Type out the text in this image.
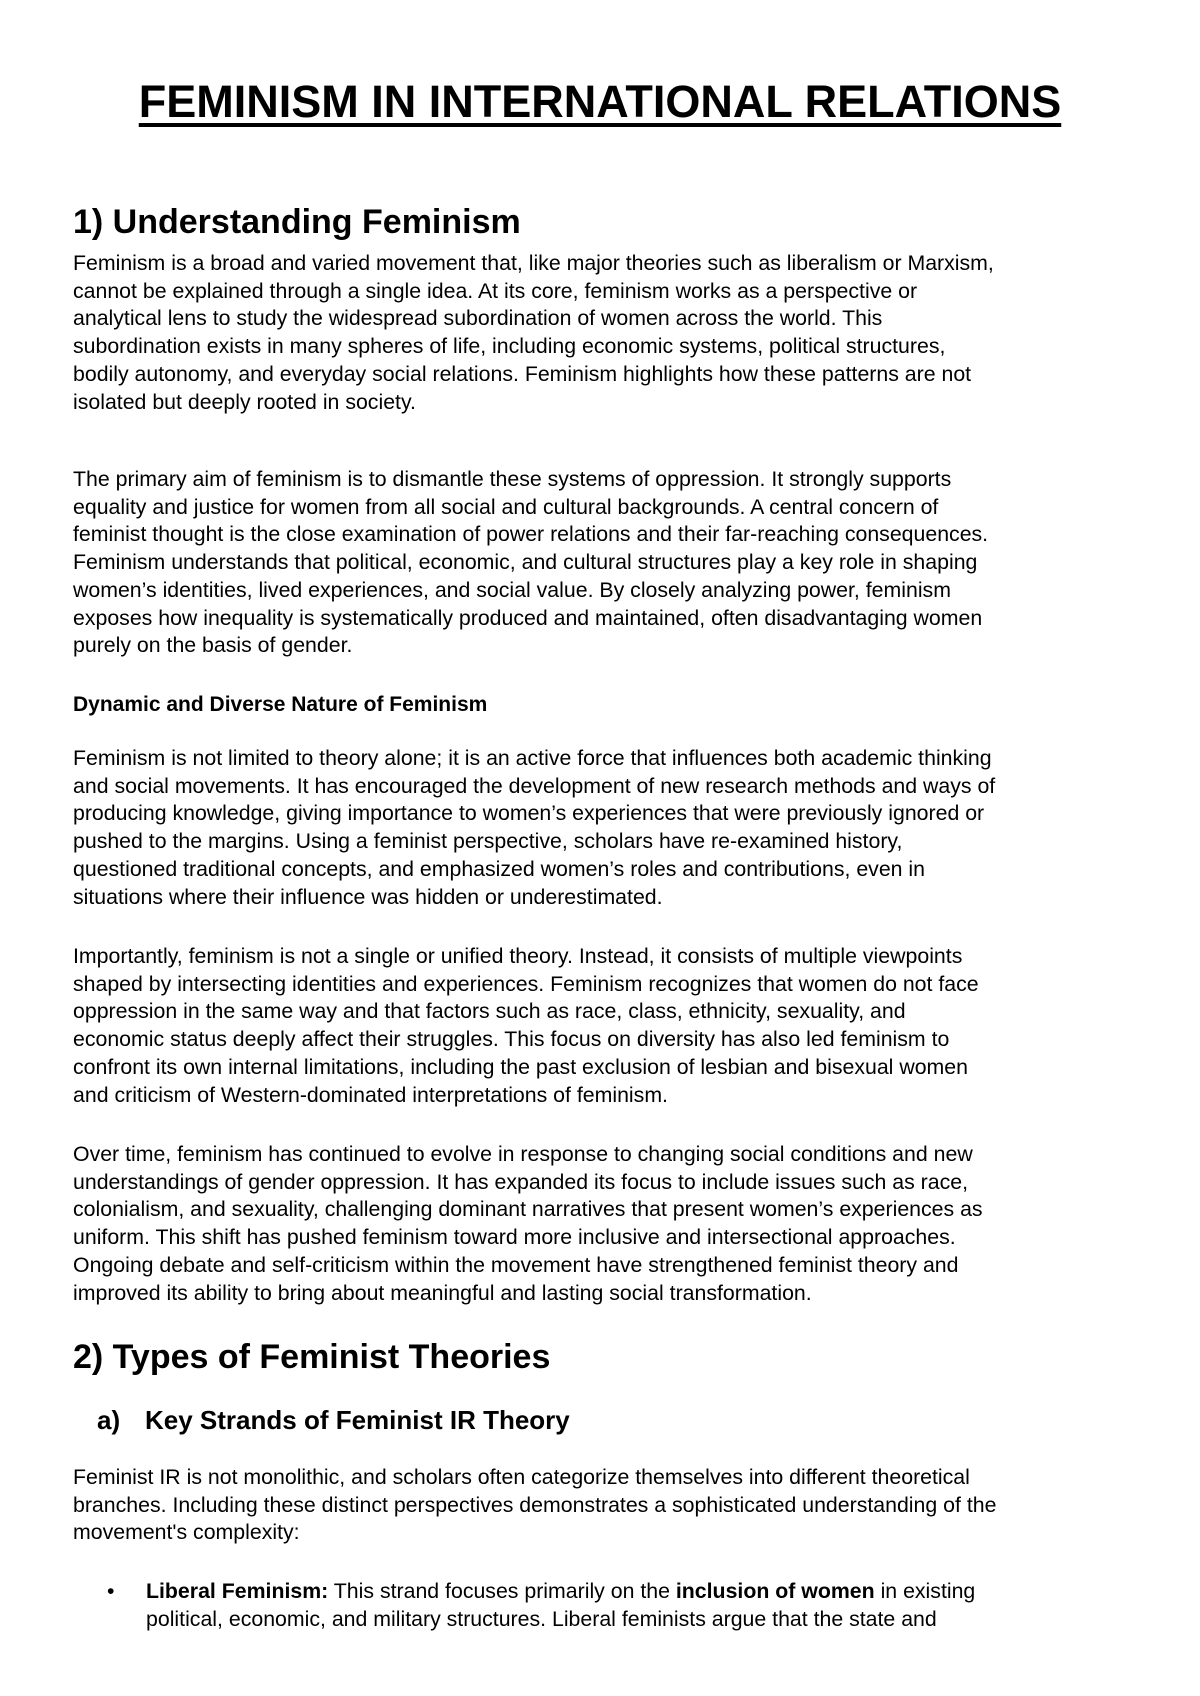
FEMINISM IN INTERNATIONAL RELATIONS
1) Understanding Feminism
Feminism is a broad and varied movement that, like major theories such as liberalism or Marxism,
cannot be explained through a single idea. At its core, feminism works as a perspective or
analytical lens to study the widespread subordination of women across the world. This
subordination exists in many spheres of life, including economic systems, political structures,
bodily autonomy, and everyday social relations. Feminism highlights how these patterns are not
isolated but deeply rooted in society.
The primary aim of feminism is to dismantle these systems of oppression. It strongly supports
equality and justice for women from all social and cultural backgrounds. A central concern of
feminist thought is the close examination of power relations and their far-reaching consequences.
Feminism understands that political, economic, and cultural structures play a key role in shaping
women’s identities, lived experiences, and social value. By closely analyzing power, feminism
exposes how inequality is systematically produced and maintained, often disadvantaging women
purely on the basis of gender.
Dynamic and Diverse Nature of Feminism
Feminism is not limited to theory alone; it is an active force that influences both academic thinking
and social movements. It has encouraged the development of new research methods and ways of
producing knowledge, giving importance to women’s experiences that were previously ignored or
pushed to the margins. Using a feminist perspective, scholars have re-examined history,
questioned traditional concepts, and emphasized women’s roles and contributions, even in
situations where their influence was hidden or underestimated.
Importantly, feminism is not a single or unified theory. Instead, it consists of multiple viewpoints
shaped by intersecting identities and experiences. Feminism recognizes that women do not face
oppression in the same way and that factors such as race, class, ethnicity, sexuality, and
economic status deeply affect their struggles. This focus on diversity has also led feminism to
confront its own internal limitations, including the past exclusion of lesbian and bisexual women
and criticism of Western-dominated interpretations of feminism.
Over time, feminism has continued to evolve in response to changing social conditions and new
understandings of gender oppression. It has expanded its focus to include issues such as race,
colonialism, and sexuality, challenging dominant narratives that present women’s experiences as
uniform. This shift has pushed feminism toward more inclusive and intersectional approaches.
Ongoing debate and self-criticism within the movement have strengthened feminist theory and
improved its ability to bring about meaningful and lasting social transformation.
2) Types of Feminist Theories
a) Key Strands of Feminist IR Theory
Feminist IR is not monolithic, and scholars often categorize themselves into different theoretical
branches. Including these distinct perspectives demonstrates a sophisticated understanding of the
movement's complexity:
• Liberal Feminism: This strand focuses primarily on the inclusion of women in existing
political, economic, and military structures. Liberal feminists argue that the state and
